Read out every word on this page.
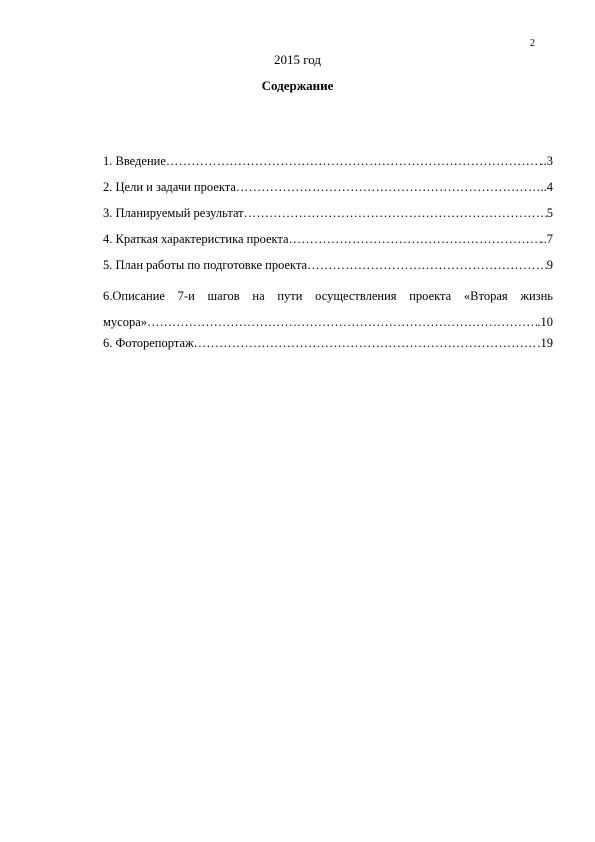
2
2015 год
Содержание
1. Введение …………………………………………………………………………………………………………………………………………………………………	..3
2. Цели и задачи проекта …………………………………………………………………………………………………………………………………………………………………	..4
3. Планируемый результат …………………………………………………………………………………………………………………………………………………………………	5
4. Краткая характеристика проекта …………………………………………………………………………………………………………………………………………………………………	..7
5. План работы по подготовке проекта …………………………………………………………………………………………………………………………………………………………………	9
6.Описание 7-и шагов на пути осуществления проекта «Вторая жизнь
мусора» …………………………………………………………………………………………………………………………………………………………………	.10
6. Фоторепортаж …………………………………………………………………………………………………………………………………………………………………	.19
